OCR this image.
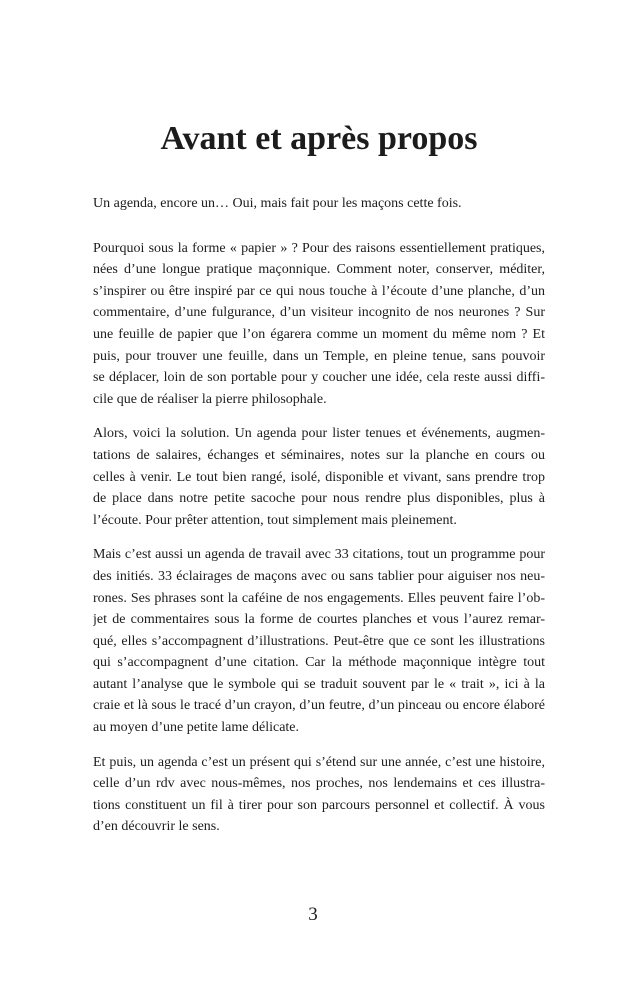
Avant et après propos
Un agenda, encore un… Oui, mais fait pour les maçons cette fois.
Pourquoi sous la forme « papier » ? Pour des raisons essentiellement pratiques,
nées d’une longue pratique maçonnique. Comment noter, conserver, méditer,
s’inspirer ou être inspiré par ce qui nous touche à l’écoute d’une planche, d’un
commentaire, d’une fulgurance, d’un visiteur incognito de nos neurones ? Sur
une feuille de papier que l’on égarera comme un moment du même nom ? Et
puis, pour trouver une feuille, dans un Temple, en pleine tenue, sans pouvoir
se déplacer, loin de son portable pour y coucher une idée, cela reste aussi diffi-
cile que de réaliser la pierre philosophale.
Alors, voici la solution. Un agenda pour lister tenues et événements, augmen-
tations de salaires, échanges et séminaires, notes sur la planche en cours ou
celles à venir. Le tout bien rangé, isolé, disponible et vivant, sans prendre trop
de place dans notre petite sacoche pour nous rendre plus disponibles, plus à
l’écoute. Pour prêter attention, tout simplement mais pleinement.
Mais c’est aussi un agenda de travail avec 33 citations, tout un programme pour
des initiés. 33 éclairages de maçons avec ou sans tablier pour aiguiser nos neu-
rones. Ses phrases sont la caféine de nos engagements. Elles peuvent faire l’ob-
jet de commentaires sous la forme de courtes planches et vous l’aurez remar-
qué, elles s’accompagnent d’illustrations. Peut-être que ce sont les illustrations
qui s’accompagnent d’une citation. Car la méthode maçonnique intègre tout
autant l’analyse que le symbole qui se traduit souvent par le « trait », ici à la
craie et là sous le tracé d’un crayon, d’un feutre, d’un pinceau ou encore élaboré
au moyen d’une petite lame délicate.
Et puis, un agenda c’est un présent qui s’étend sur une année, c’est une histoire,
celle d’un rdv avec nous-mêmes, nos proches, nos lendemains et ces illustra-
tions constituent un fil à tirer pour son parcours personnel et collectif. À vous
d’en découvrir le sens.
3
